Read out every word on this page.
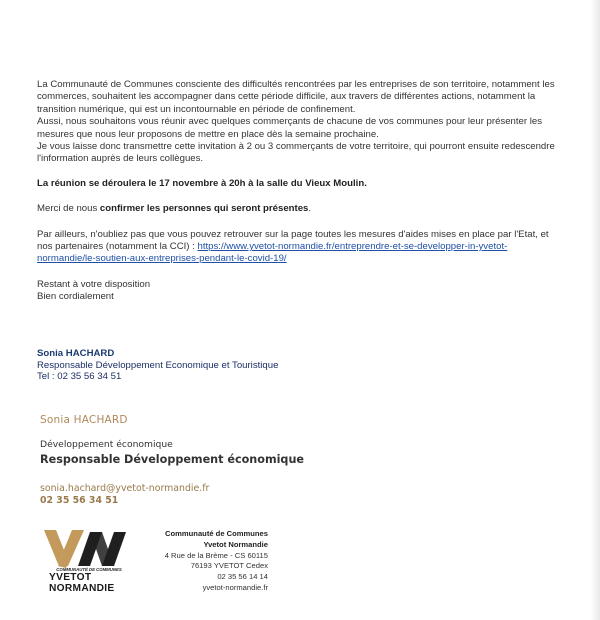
La Communauté de Communes consciente des difficultés rencontrées par les entreprises de son territoire, notamment les commerces, souhaitent les accompagner dans cette période difficile, aux travers de différentes actions, notamment la transition numérique, qui est un incontournable en période de confinement.

Aussi, nous souhaitons vous réunir avec quelques commerçants de chacune de vos communes pour leur présenter les mesures que nous leur proposons de mettre en place dès la semaine prochaine.

Je vous laisse donc transmettre cette invitation à 2 ou 3 commerçants de votre territoire, qui pourront ensuite redescendre l'information auprès de leurs collègues.

La réunion se déroulera le 17 novembre à 20h à la salle du Vieux Moulin.

Merci de nous confirmer les personnes qui seront présentes.

Par ailleurs, n'oubliez pas que vous pouvez retrouver sur la page toutes les mesures d'aides mises en place par l'Etat, et nos partenaires (notamment la CCI) : https://www.yvetot-normandie.fr/entreprendre-et-se-developper-in-yvetot-normandie/le-soutien-aux-entreprises-pendant-le-covid-19/

Restant à votre disposition

Bien cordialement

Sonia HACHARD
Responsable Développement Economique et Touristique
Tel : 02 35 56 34 51
Sonia HACHARD
Développement économique
Responsable Développement économique
sonia.hachard@yvetot-normandie.fr
02 35 56 34 51
COMMUNAUTÉ DE COMMUNES
YVETOT
NORMANDIE
Communauté de Communes
Yvetot Normandie
4 Rue de la Brème - CS 60115
76193 YVETOT Cedex
02 35 56 14 14
yvetot-normandie.fr
